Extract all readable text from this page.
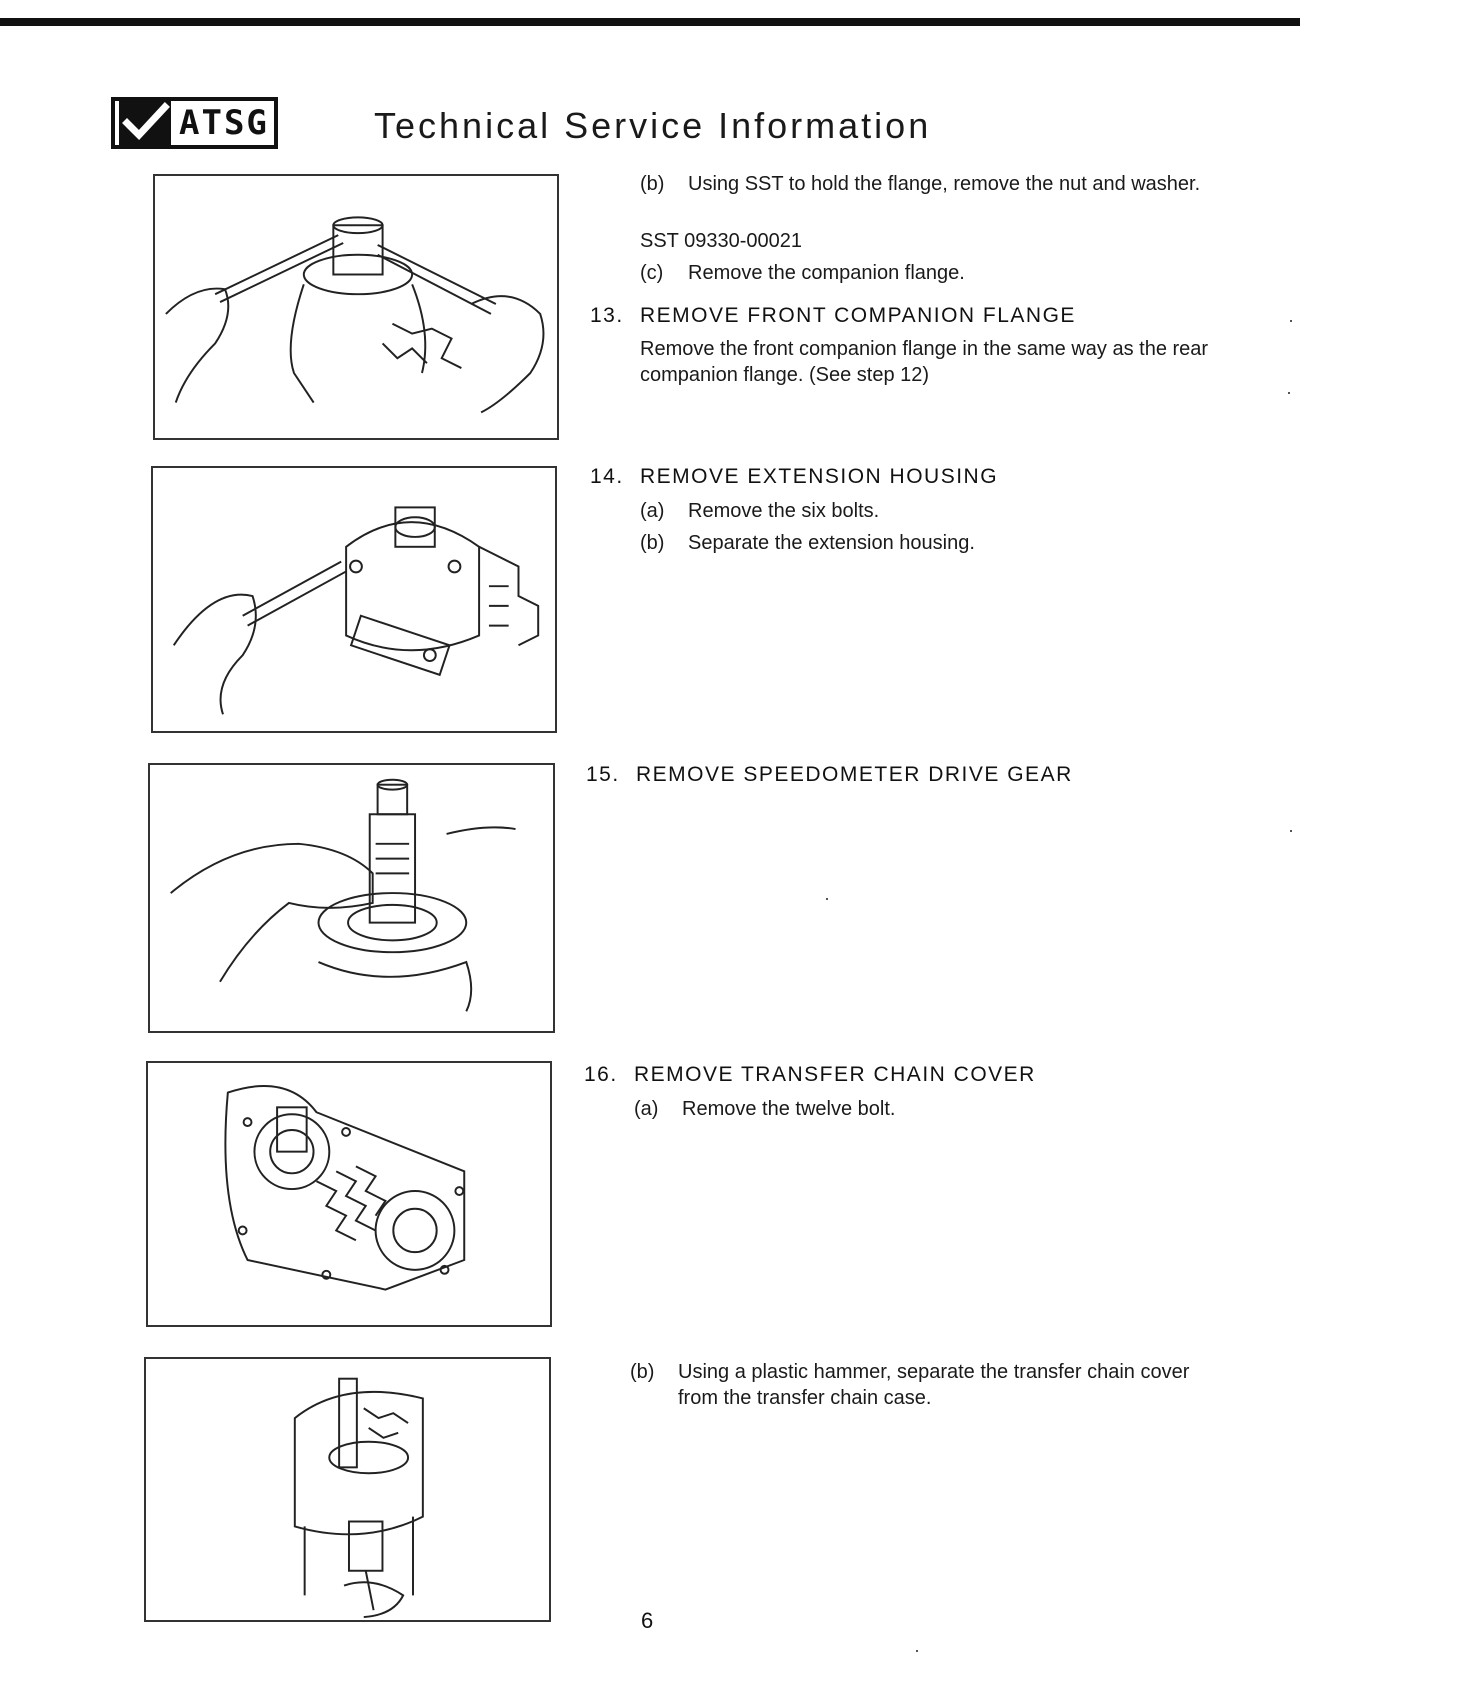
ATSG	Technical Service Information
(b) Using SST to hold the flange, remove the nut and washer.
SST 09330-00021
(c) Remove the companion flange.
13. REMOVE FRONT COMPANION FLANGE
Remove the front companion flange in the same way as the rear companion flange. (See step 12)
14. REMOVE EXTENSION HOUSING
(a) Remove the six bolts.
(b) Separate the extension housing.
15. REMOVE SPEEDOMETER DRIVE GEAR
16. REMOVE TRANSFER CHAIN COVER
(a) Remove the twelve bolt.
(b) Using a plastic hammer, separate the transfer chain cover from the transfer chain case.
6
